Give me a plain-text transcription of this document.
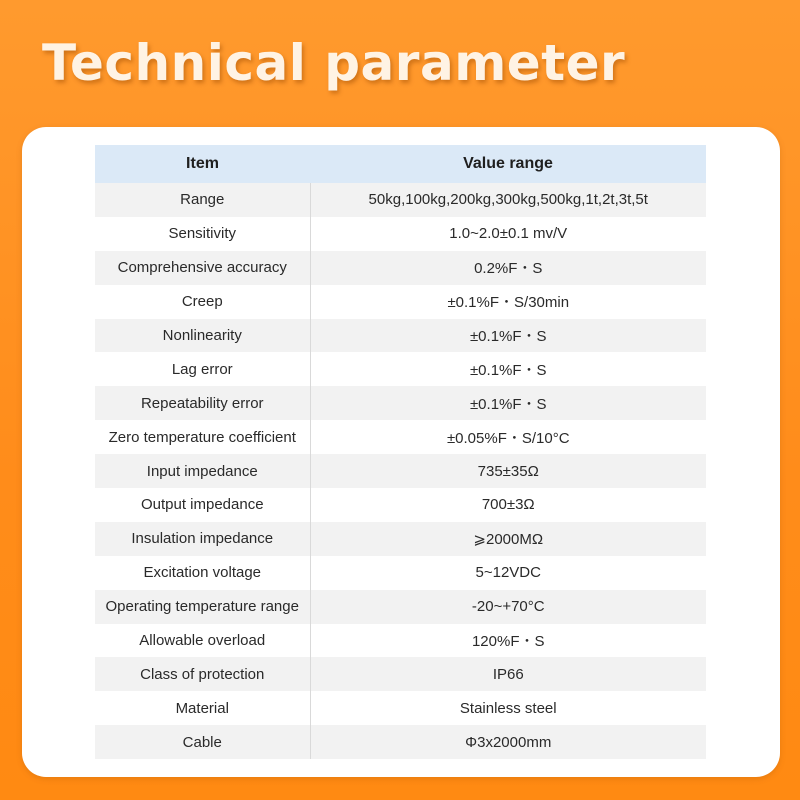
Technical parameter
Item	Value range
Range	50kg,100kg,200kg,300kg,500kg,1t,2t,3t,5t
Sensitivity	1.0~2.0±0.1 mv/V
Comprehensive accuracy	0.2%F・S
Creep	±0.1%F・S/30min
Nonlinearity	±0.1%F・S
Lag error	±0.1%F・S
Repeatability error	±0.1%F・S
Zero temperature coefficient	±0.05%F・S/10°C
Input impedance	735±35Ω
Output impedance	700±3Ω
Insulation impedance	⩾2000MΩ
Excitation voltage	5~12VDC
Operating temperature range	-20~+70°C
Allowable overload	120%F・S
Class of protection	IP66
Material	Stainless steel
Cable	Φ3x2000mm
